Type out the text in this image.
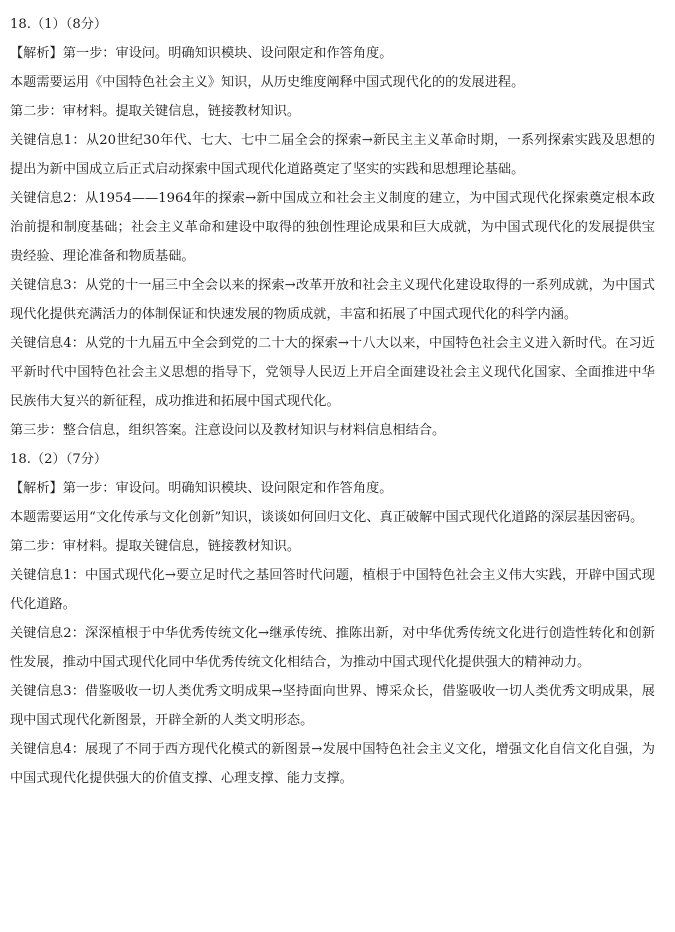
18.（1）（8分）

【解析】第一步：审设问。明确知识模块、设问限定和作答角度。

本题需要运用《中国特色社会主义》知识，从历史维度阐释中国式现代化的的发展进程。

第二步：审材料。提取关键信息，链接教材知识。

关键信息1：从20世纪30年代、七大、七中二届全会的探索→新民主主义革命时期，一系列探索实践及思想的提出为新中国成立后正式启动探索中国式现代化道路奠定了坚实的实践和思想理论基础。

关键信息2：从1954——1964年的探索→新中国成立和社会主义制度的建立，为中国式现代化探索奠定根本政治前提和制度基础；社会主义革命和建设中取得的独创性理论成果和巨大成就，为中国式现代化的发展提供宝贵经验、理论准备和物质基础。

关键信息3：从党的十一届三中全会以来的探索→改革开放和社会主义现代化建设取得的一系列成就，为中国式现代化提供充满活力的体制保证和快速发展的物质成就，丰富和拓展了中国式现代化的科学内涵。

关键信息4：从党的十九届五中全会到党的二十大的探索→十八大以来，中国特色社会主义进入新时代。在习近平新时代中国特色社会主义思想的指导下，党领导人民迈上开启全面建设社会主义现代化国家、全面推进中华民族伟大复兴的新征程，成功推进和拓展中国式现代化。

第三步：整合信息，组织答案。注意设问以及教材知识与材料信息相结合。

18.（2）（7分）

【解析】第一步：审设问。明确知识模块、设问限定和作答角度。

本题需要运用“文化传承与文化创新”知识，谈谈如何回归文化、真正破解中国式现代化道路的深层基因密码。

第二步：审材料。提取关键信息，链接教材知识。

关键信息1：中国式现代化→要立足时代之基回答时代问题，植根于中国特色社会主义伟大实践，开辟中国式现代化道路。

关键信息2：深深植根于中华优秀传统文化→继承传统、推陈出新，对中华优秀传统文化进行创造性转化和创新性发展，推动中国式现代化同中华优秀传统文化相结合，为推动中国式现代化提供强大的精神动力。

关键信息3：借鉴吸收一切人类优秀文明成果→坚持面向世界、博采众长，借鉴吸收一切人类优秀文明成果，展现中国式现代化新图景，开辟全新的人类文明形态。

关键信息4：展现了不同于西方现代化模式的新图景→发展中国特色社会主义文化，增强文化自信文化自强，为中国式现代化提供强大的价值支撑、心理支撑、能力支撑。
